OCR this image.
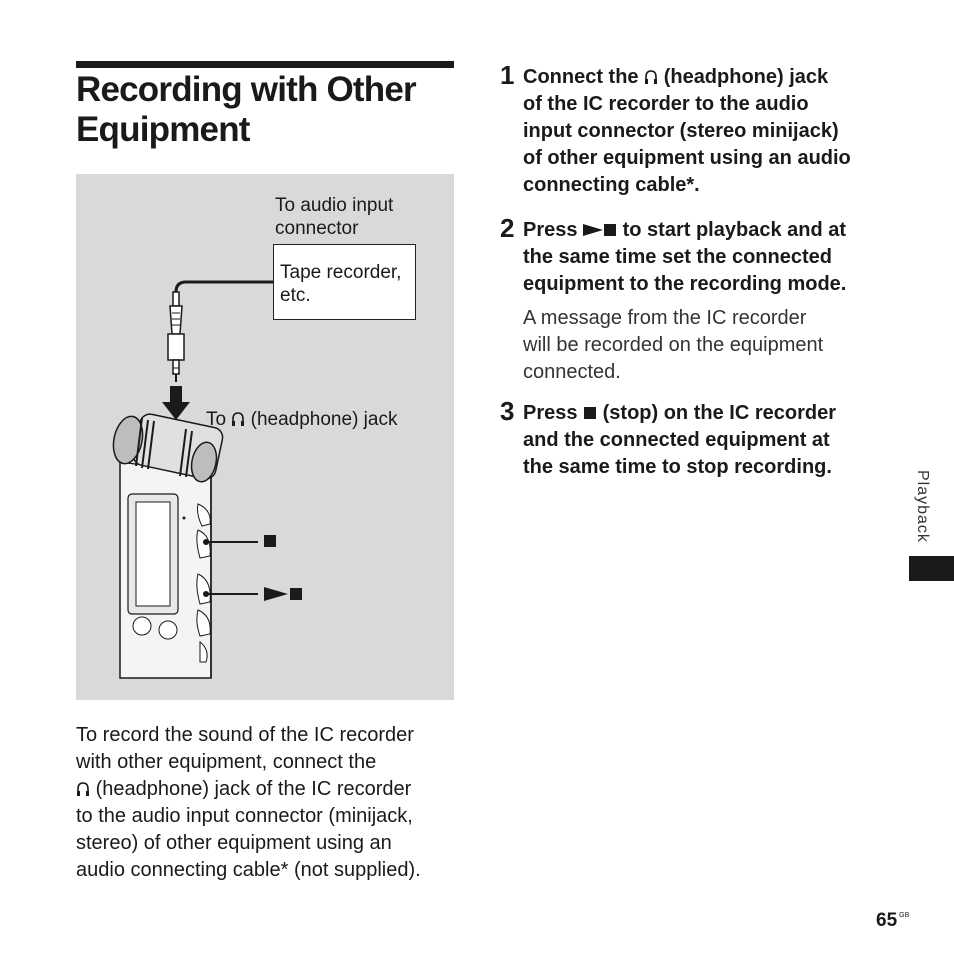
Recording with Other Equipment
To audio input connector
Tape recorder, etc.
To (headphone) jack
To record the sound of the IC recorder
with other equipment, connect the
(headphone) jack of the IC recorder
to the audio input connector (minijack,
stereo) of other equipment using an
audio connecting cable* (not supplied).
1 Connect the (headphone) jack
of the IC recorder to the audio
input connector (stereo minijack)
of other equipment using an audio
connecting cable*.
2 Press to start playback and at
the same time set the connected
equipment to the recording mode.
A message from the IC recorder
will be recorded on the equipment
connected.
3 Press (stop) on the IC recorder
and the connected equipment at
the same time to stop recording.
Playback
65 $^{GB}$
